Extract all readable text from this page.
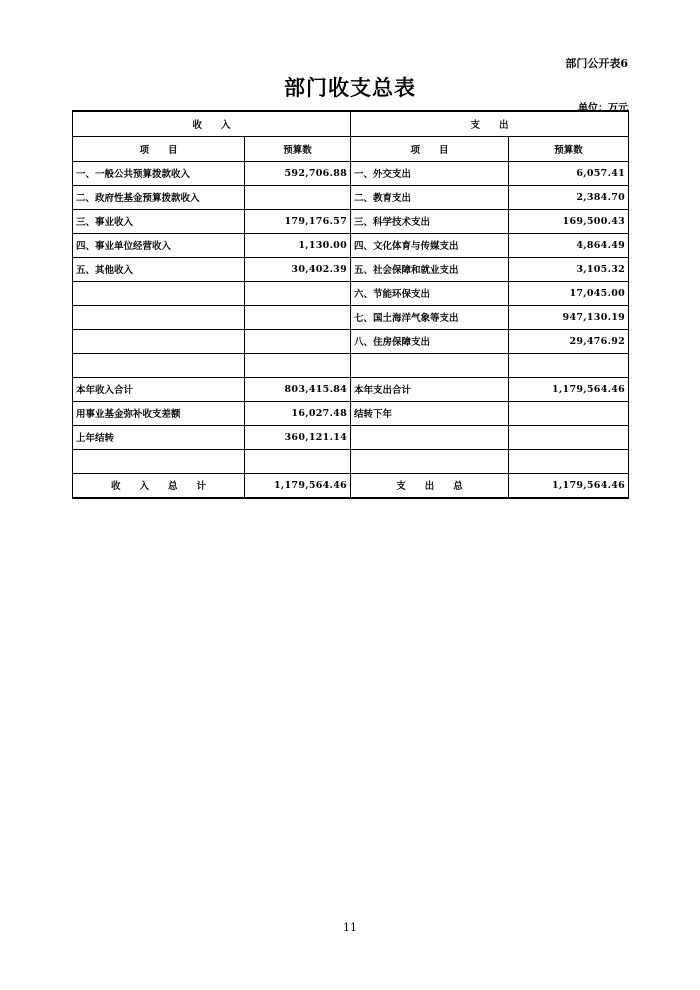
部门公开表6
部门收支总表
单位：万元
收　　入		支　　出	
项　　目	预算数	项　　目	预算数
一、一般公共预算拨款收入	592,706.88	一、外交支出	6,057.41
二、政府性基金预算拨款收入		二、教育支出	2,384.70
三、事业收入	179,176.57	三、科学技术支出	169,500.43
四、事业单位经营收入	1,130.00	四、文化体育与传媒支出	4,864.49
五、其他收入	30,402.39	五、社会保障和就业支出	3,105.32
		六、节能环保支出	17,045.00
		七、国土海洋气象等支出	947,130.19
		八、住房保障支出	29,476.92

本年收入合计	803,415.84	本年支出合计	1,179,564.46
用事业基金弥补收支差额	16,027.48	结转下年	
上年结转	360,121.14		

收　　入　　总　　计	1,179,564.46	支　　出　　总	1,179,564.46
11
